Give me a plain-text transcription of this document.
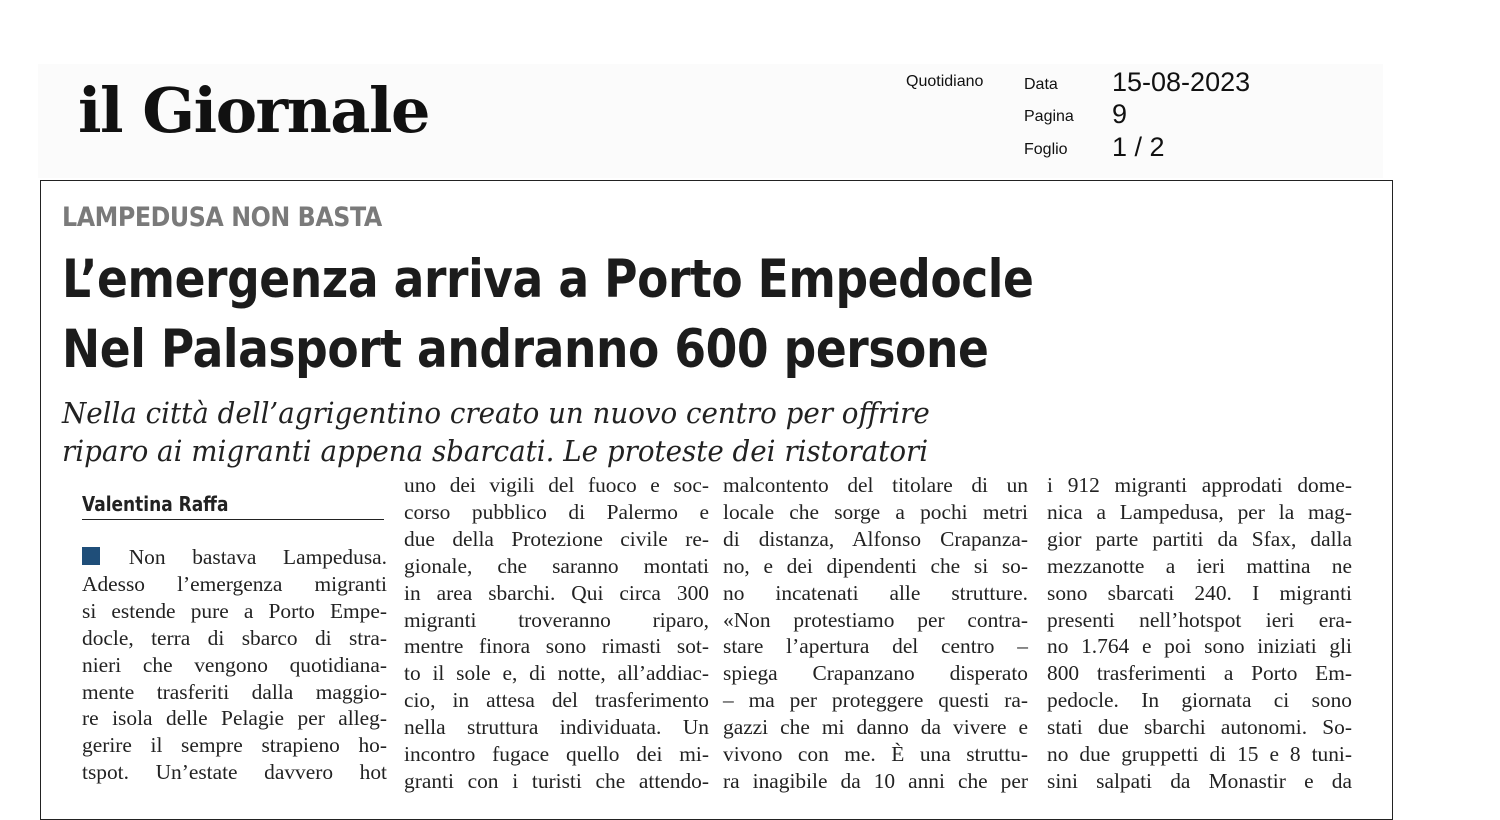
il Giornale	Quotidiano	Data 15-08-2023
Pagina 9
Foglio 1 / 2
LAMPEDUSA NON BASTA
L’emergenza arriva a Porto Empedocle
Nel Palasport andranno 600 persone
Nella città dell’agrigentino creato un nuovo centro per offrire
riparo ai migranti appena sbarcati. Le proteste dei ristoratori
Valentina Raffa

Non bastava Lampedusa.

Adesso l’emergenza migranti

si estende pure a Porto Empe-

docle, terra di sbarco di stra-

nieri che vengono quotidiana-

mente trasferiti dalla maggio-

re isola delle Pelagie per alleg-

gerire il sempre strapieno ho-

tspot. Un’estate davvero hot

uno dei vigili del fuoco e soc-

corso pubblico di Palermo e

due della Protezione civile re-

gionale, che saranno montati

in area sbarchi. Qui circa 300

migranti troveranno riparo,

mentre finora sono rimasti sot-

to il sole e, di notte, all’addiac-

cio, in attesa del trasferimento

nella struttura individuata. Un

incontro fugace quello dei mi-

granti con i turisti che attendo-

malcontento del titolare di un

locale che sorge a pochi metri

di distanza, Alfonso Crapanza-

no, e dei dipendenti che si so-

no incatenati alle strutture.

«Non protestiamo per contra-

stare l’apertura del centro –

spiega Crapanzano disperato

– ma per proteggere questi ra-

gazzi che mi danno da vivere e

vivono con me. È una struttu-

ra inagibile da 10 anni che per

i 912 migranti approdati dome-

nica a Lampedusa, per la mag-

gior parte partiti da Sfax, dalla

mezzanotte a ieri mattina ne

sono sbarcati 240. I migranti

presenti nell’hotspot ieri era-

no 1.764 e poi sono iniziati gli

800 trasferimenti a Porto Em-

pedocle. In giornata ci sono

stati due sbarchi autonomi. So-

no due gruppetti di 15 e 8 tuni-

sini salpati da Monastir e da
